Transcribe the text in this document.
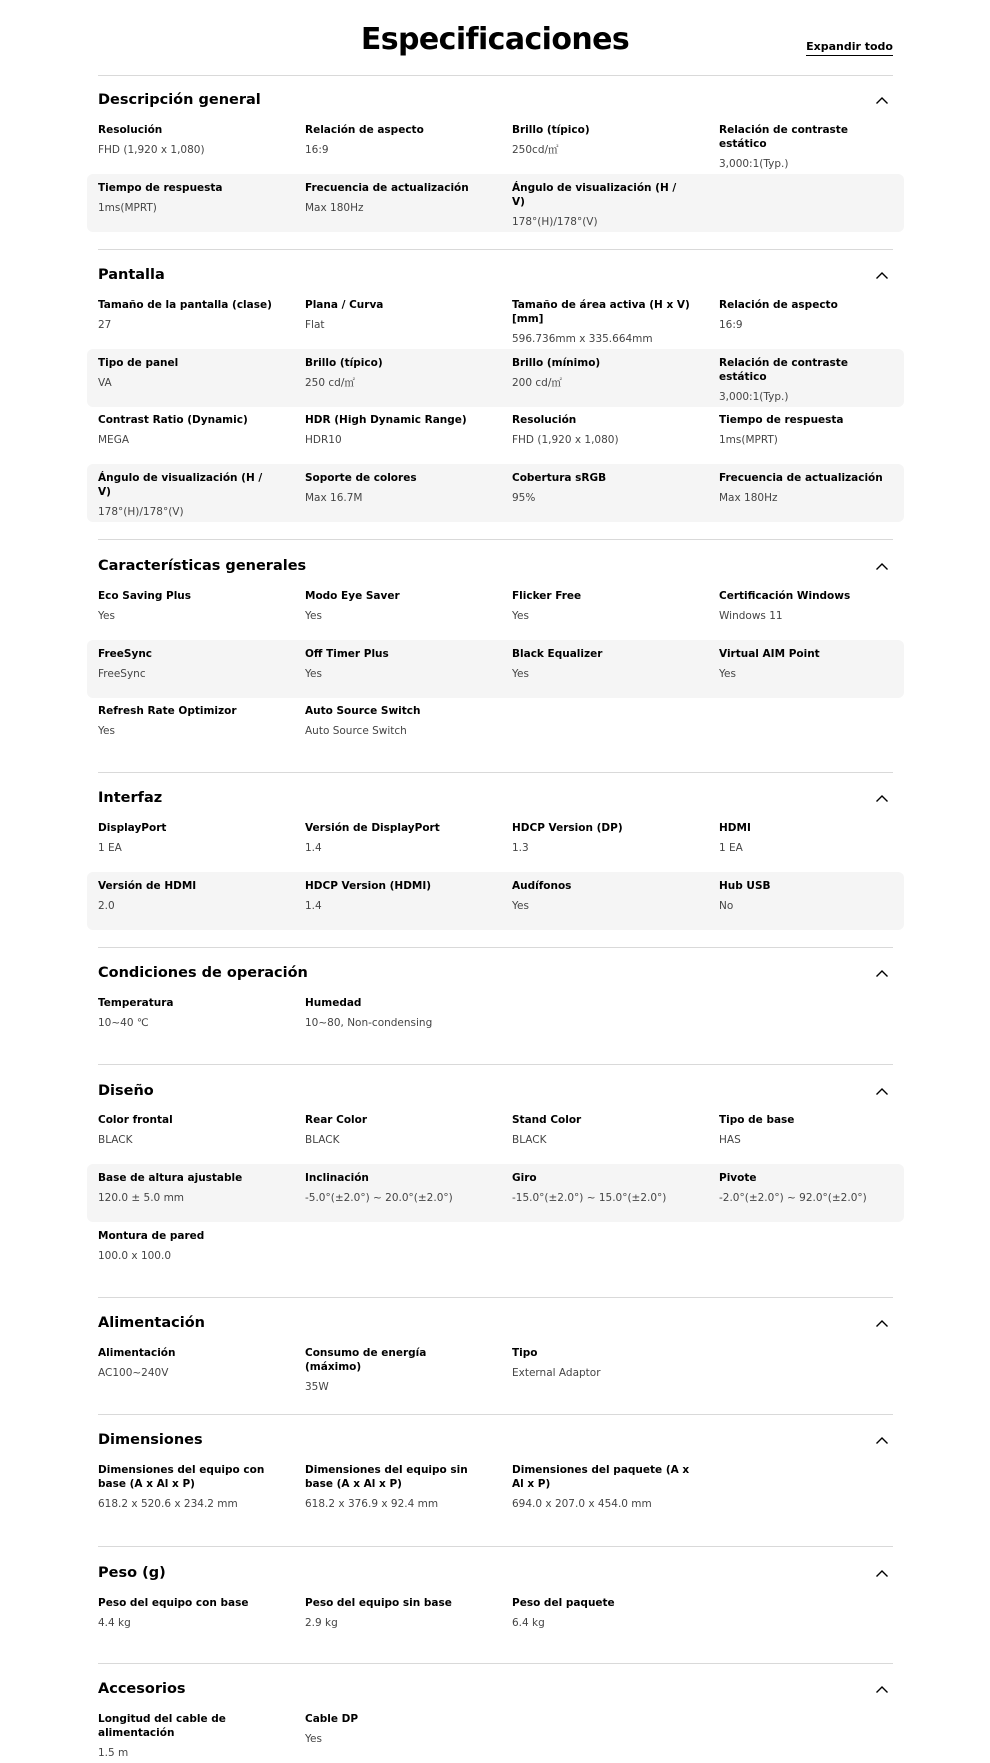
Especificaciones	Expandir todo
Descripción general
Resolución
FHD (1,920 x 1,080)
Relación de aspecto
16:9
Brillo (típico)
250cd/㎡
Relación de contraste estático
3,000:1(Typ.)
Tiempo de respuesta
1ms(MPRT)
Frecuencia de actualización
Max 180Hz
Ángulo de visualización (H / V)
178°(H)/178°(V)
Pantalla
Tamaño de la pantalla (clase)
27
Plana / Curva
Flat
Tamaño de área activa (H x V) [mm]
596.736mm x 335.664mm
Relación de aspecto
16:9
Tipo de panel
VA
Brillo (típico)
250 cd/㎡
Brillo (mínimo)
200 cd/㎡
Relación de contraste estático
3,000:1(Typ.)
Contrast Ratio (Dynamic)
MEGA
HDR (High Dynamic Range)
HDR10
Resolución
FHD (1,920 x 1,080)
Tiempo de respuesta
1ms(MPRT)
Ángulo de visualización (H / V)
178°(H)/178°(V)
Soporte de colores
Max 16.7M
Cobertura sRGB
95%
Frecuencia de actualización
Max 180Hz
Características generales
Eco Saving Plus
Yes
Modo Eye Saver
Yes
Flicker Free
Yes
Certificación Windows
Windows 11
FreeSync
FreeSync
Off Timer Plus
Yes
Black Equalizer
Yes
Virtual AIM Point
Yes
Refresh Rate Optimizor
Yes
Auto Source Switch
Auto Source Switch
Interfaz
DisplayPort
1 EA
Versión de DisplayPort
1.4
HDCP Version (DP)
1.3
HDMI
1 EA
Versión de HDMI
2.0
HDCP Version (HDMI)
1.4
Audífonos
Yes
Hub USB
No
Condiciones de operación
Temperatura
10~40 ℃
Humedad
10~80, Non-condensing
Diseño
Color frontal
BLACK
Rear Color
BLACK
Stand Color
BLACK
Tipo de base
HAS
Base de altura ajustable
120.0 ± 5.0 mm
Inclinación
-5.0°(±2.0°) ~ 20.0°(±2.0°)
Giro
-15.0°(±2.0°) ~ 15.0°(±2.0°)
Pivote
-2.0°(±2.0°) ~ 92.0°(±2.0°)
Montura de pared
100.0 x 100.0
Alimentación
Alimentación
AC100~240V
Consumo de energía (máximo)
35W
Tipo
External Adaptor
Dimensiones
Dimensiones del equipo con base (A x Al x P)
618.2 x 520.6 x 234.2 mm
Dimensiones del equipo sin base (A x Al x P)
618.2 x 376.9 x 92.4 mm
Dimensiones del paquete (A x Al x P)
694.0 x 207.0 x 454.0 mm
Peso (g)
Peso del equipo con base
4.4 kg
Peso del equipo sin base
2.9 kg
Peso del paquete
6.4 kg
Accesorios
Longitud del cable de alimentación
1.5 m
Cable DP
Yes
